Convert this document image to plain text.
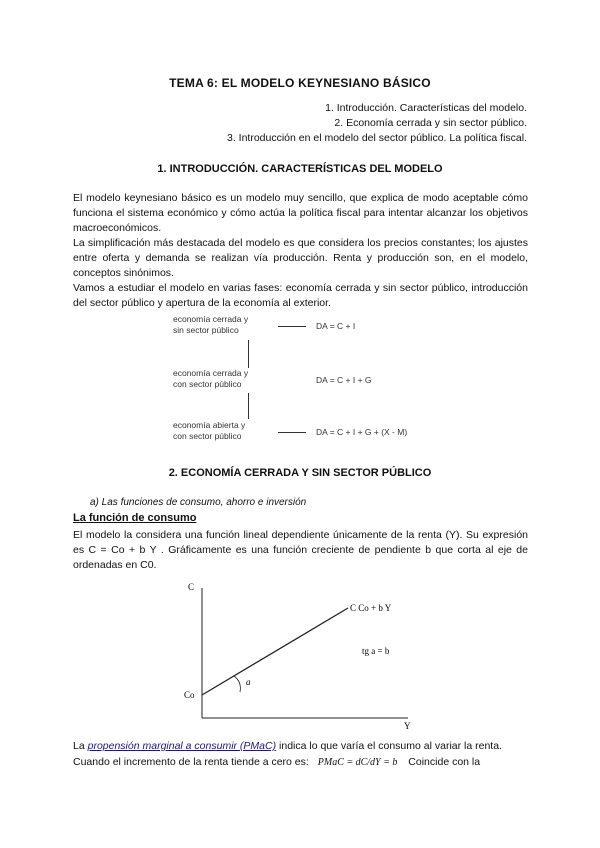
TEMA 6: EL MODELO KEYNESIANO BÁSICO
1. Introducción. Características del modelo.
2. Economía cerrada y sin sector público.
3. Introducción en el modelo del sector público. La política fiscal.
1. INTRODUCCIÓN. CARACTERÍSTICAS DEL MODELO
El modelo keynesiano básico es un modelo muy sencillo, que explica de modo aceptable cómo funciona el sistema económico y cómo actúa la política fiscal para intentar alcanzar los objetivos macroeconómicos.
La simplificación más destacada del modelo es que considera los precios constantes; los ajustes entre oferta y demanda se realizan vía producción. Renta y producción son, en el modelo, conceptos sinónimos.
Vamos a estudiar el modelo en varias fases: economía cerrada y sin sector público, introducción del sector público y apertura de la economía al exterior.
economía cerrada y
sin sector público	DA = C + I
economía cerrada y
con sector público	DA = C + I + G
economía abierta y
con sector público	DA = C + I + G + (X - M)
2. ECONOMÍA CERRADA Y SIN SECTOR PÚBLICO
a) Las funciones de consumo, ahorro e inversión
La función de consumo
El modelo la considera una función lineal dependiente únicamente de la renta (Y). Su expresión es C = Co + b Y . Gráficamente es una función creciente de pendiente b que corta al eje de ordenadas en C0.
C
Y
Co
C Co + b Y
tg a = b
a
La propensión marginal a consumir (PMaC) indica lo que varía el consumo al variar la renta.
Cuando el incremento de la renta tiende a cero es: PMaC = dC/dY = b Coincide con la
